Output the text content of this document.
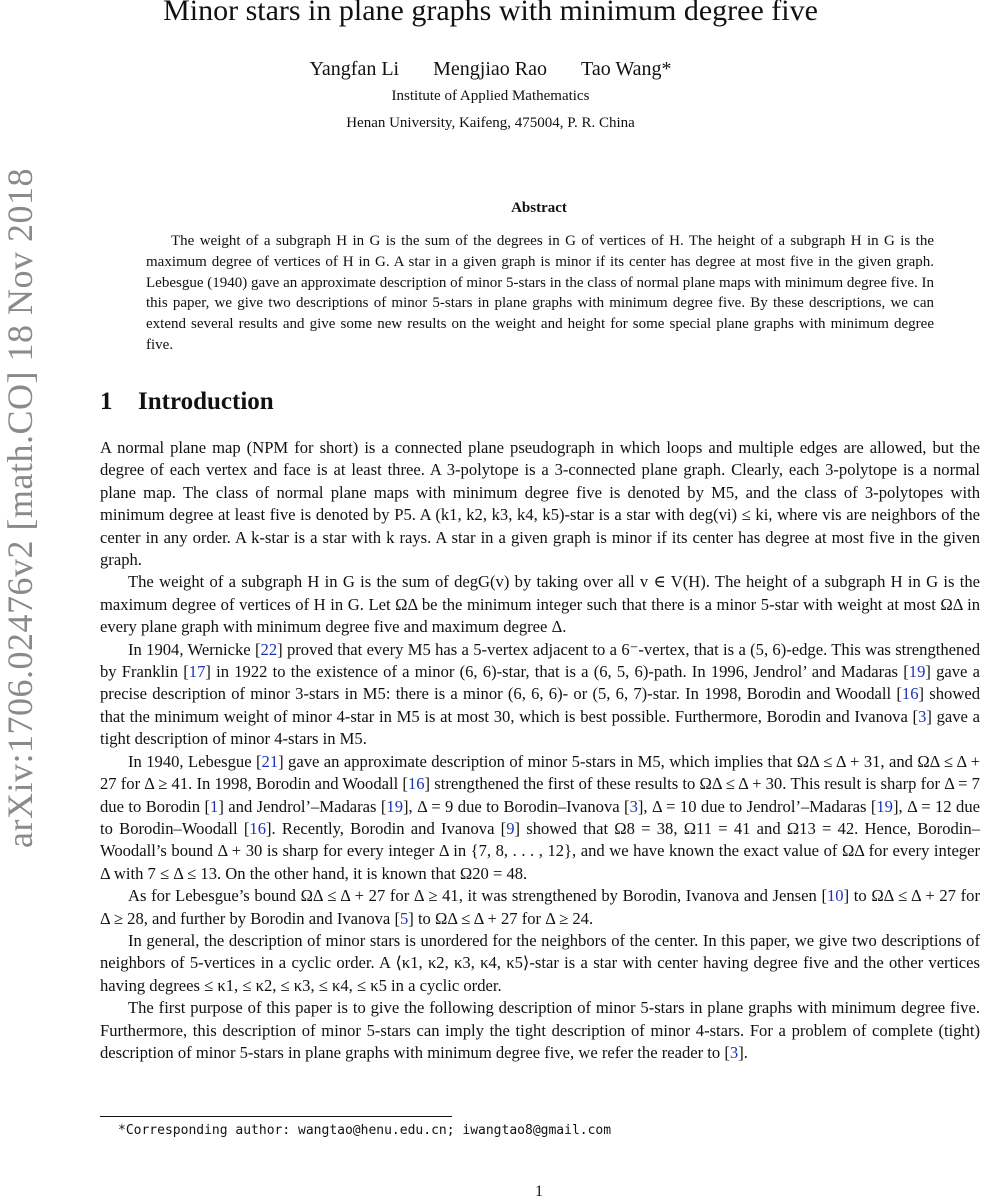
arXiv:1706.02476v2 [math.CO] 18 Nov 2018
Minor stars in plane graphs with minimum degree five
Yangfan Li Mengjiao Rao Tao Wang*
Institute of Applied Mathematics
Henan University, Kaifeng, 475004, P. R. China
Abstract

The weight of a subgraph H in G is the sum of the degrees in G of vertices of H. The height of a subgraph H in G is the maximum degree of vertices of H in G. A star in a given graph is minor if its center has degree at most five in the given graph. Lebesgue (1940) gave an approximate description of minor 5-stars in the class of normal plane maps with minimum degree five. In this paper, we give two descriptions of minor 5-stars in plane graphs with minimum degree five. By these descriptions, we can extend several results and give some new results on the weight and height for some special plane graphs with minimum degree five.

1 Introduction

A normal plane map (NPM for short) is a connected plane pseudograph in which loops and multiple edges are allowed, but the degree of each vertex and face is at least three. A 3-polytope is a 3-connected plane graph. Clearly, each 3-polytope is a normal plane map. The class of normal plane maps with minimum degree five is denoted by M5, and the class of 3-polytopes with minimum degree at least five is denoted by P5. A (k1, k2, k3, k4, k5)-star is a star with deg(vi) ≤ ki, where vis are neighbors of the center in any order. A k-star is a star with k rays. A star in a given graph is minor if its center has degree at most five in the given graph.

The weight of a subgraph H in G is the sum of degG(v) by taking over all v ∈ V(H). The height of a subgraph H in G is the maximum degree of vertices of H in G. Let ΩΔ be the minimum integer such that there is a minor 5-star with weight at most ΩΔ in every plane graph with minimum degree five and maximum degree Δ.

In 1904, Wernicke [22] proved that every M5 has a 5-vertex adjacent to a 6⁻-vertex, that is a (5, 6)-edge. This was strengthened by Franklin [17] in 1922 to the existence of a minor (6, 6)-star, that is a (6, 5, 6)-path. In 1996, Jendrol’ and Madaras [19] gave a precise description of minor 3-stars in M5: there is a minor (6, 6, 6)- or (5, 6, 7)-star. In 1998, Borodin and Woodall [16] showed that the minimum weight of minor 4-star in M5 is at most 30, which is best possible. Furthermore, Borodin and Ivanova [3] gave a tight description of minor 4-stars in M5.

In 1940, Lebesgue [21] gave an approximate description of minor 5-stars in M5, which implies that ΩΔ ≤ Δ + 31, and ΩΔ ≤ Δ + 27 for Δ ≥ 41. In 1998, Borodin and Woodall [16] strengthened the first of these results to ΩΔ ≤ Δ + 30. This result is sharp for Δ = 7 due to Borodin [1] and Jendrol’–Madaras [19], Δ = 9 due to Borodin–Ivanova [3], Δ = 10 due to Jendrol’–Madaras [19], Δ = 12 due to Borodin–Woodall [16]. Recently, Borodin and Ivanova [9] showed that Ω8 = 38, Ω11 = 41 and Ω13 = 42. Hence, Borodin–Woodall’s bound Δ + 30 is sharp for every integer Δ in {7, 8, . . . , 12}, and we have known the exact value of ΩΔ for every integer Δ with 7 ≤ Δ ≤ 13. On the other hand, it is known that Ω20 = 48.

As for Lebesgue’s bound ΩΔ ≤ Δ + 27 for Δ ≥ 41, it was strengthened by Borodin, Ivanova and Jensen [10] to ΩΔ ≤ Δ + 27 for Δ ≥ 28, and further by Borodin and Ivanova [5] to ΩΔ ≤ Δ + 27 for Δ ≥ 24.

In general, the description of minor stars is unordered for the neighbors of the center. In this paper, we give two descriptions of neighbors of 5-vertices in a cyclic order. A ⟨κ1, κ2, κ3, κ4, κ5⟩-star is a star with center having degree five and the other vertices having degrees ≤ κ1, ≤ κ2, ≤ κ3, ≤ κ4, ≤ κ5 in a cyclic order.

The first purpose of this paper is to give the following description of minor 5-stars in plane graphs with minimum degree five. Furthermore, this description of minor 5-stars can imply the tight description of minor 4-stars. For a problem of complete (tight) description of minor 5-stars in plane graphs with minimum degree five, we refer the reader to [3].

*Corresponding author: wangtao@henu.edu.cn; iwangtao8@gmail.com
1
